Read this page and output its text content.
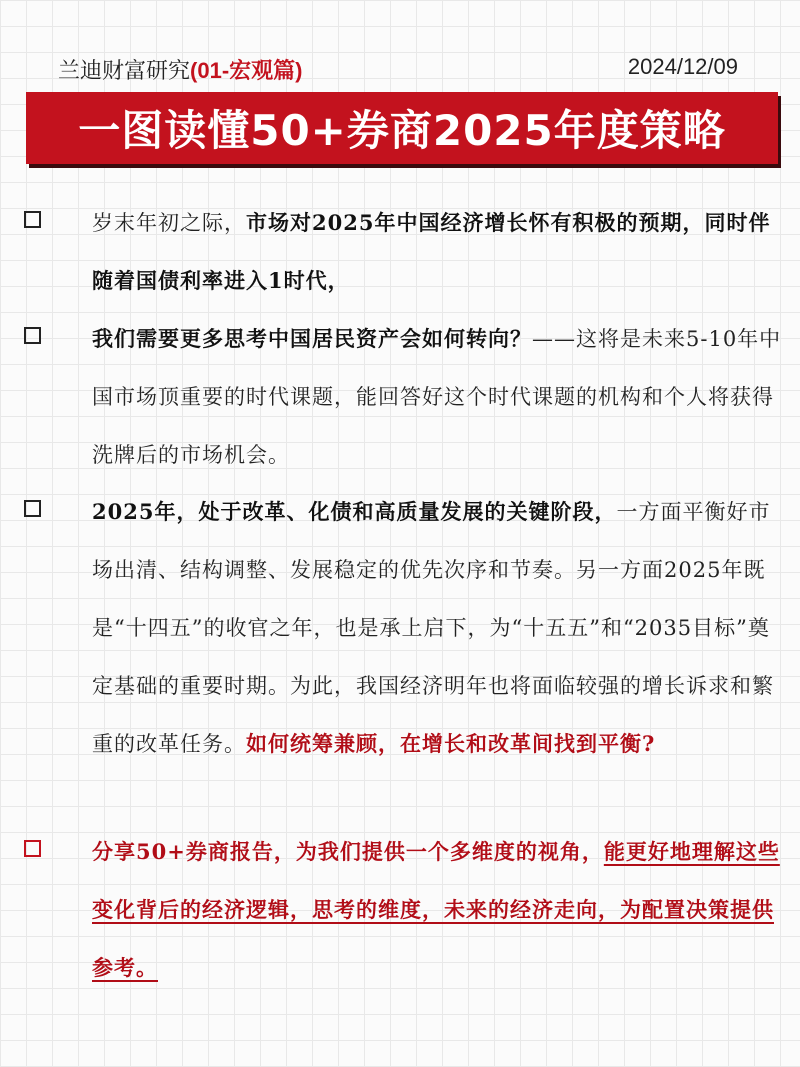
兰迪财富研究(01-宏观篇)	2024/12/09
一图读懂50+券商2025年度策略
岁末年初之际，市场对2025年中国经济增长怀有积极的预期，同时伴随着国债利率进入1时代，
我们需要更多思考中国居民资产会如何转向？——这将是未来5-10年中国市场顶重要的时代课题，能回答好这个时代课题的机构和个人将获得洗牌后的市场机会。
2025年，处于改革、化债和高质量发展的关键阶段，一方面平衡好市场出清、结构调整、发展稳定的优先次序和节奏。另一方面2025年既是“十四五”的收官之年，也是承上启下，为“十五五”和“2035目标”奠定基础的重要时期。为此，我国经济明年也将面临较强的增长诉求和繁重的改革任务。如何统筹兼顾，在增长和改革间找到平衡?
分享50+券商报告，为我们提供一个多维度的视角，能更好地理解这些变化背后的经济逻辑，思考的维度，未来的经济走向，为配置决策提供参考。
